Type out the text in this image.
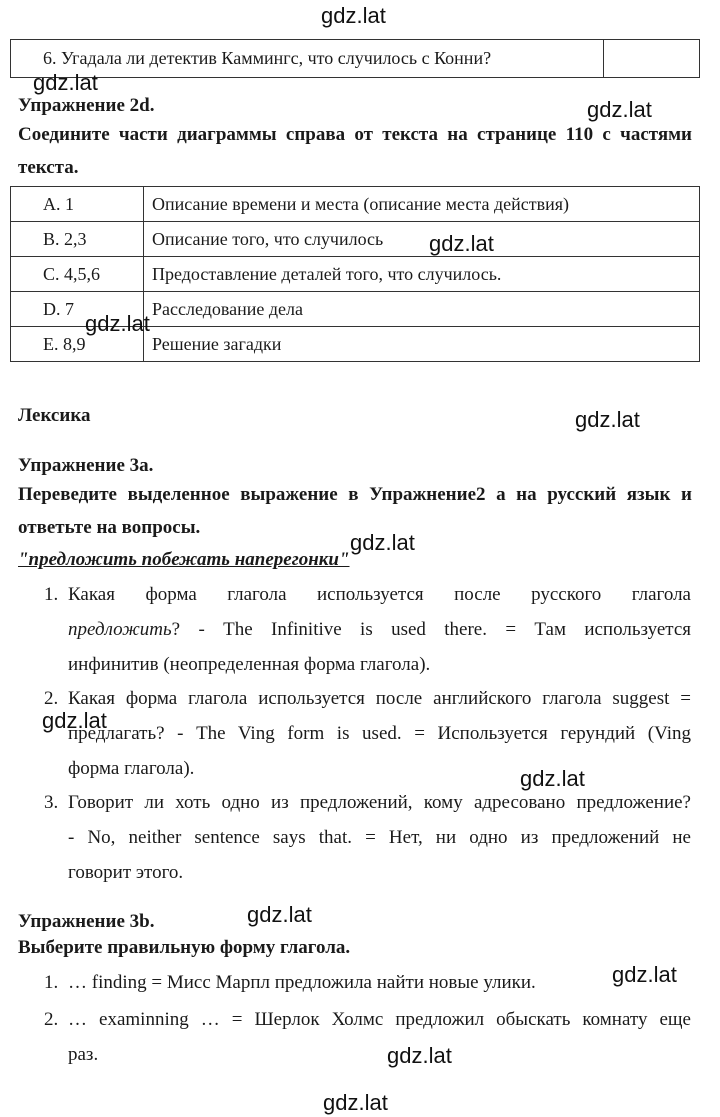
6. Угадала ли детектив Каммингс, что случилось с Конни?	
Упражнение 2d.
Соедините части диаграммы справа от текста на странице 110 с частями
текста.
A. 1	Описание времени и места (описание места действия)
B. 2,3	Описание того, что случилось
C. 4,5,6	Предоставление деталей того, что случилось.
D. 7	Расследование дела
E. 8,9	Решение загадки
Лексика
Упражнение 3a.
Переведите выделенное выражение в Упражнение2 а на русский язык и
ответьте на вопросы.
"предложить побежать наперегонки"
1. Какая форма глагола используется после русского глагола
предложить? - The Infinitive is used there. = Там используется
инфинитив (неопределенная форма глагола).
2. Какая форма глагола используется после английского глагола suggest =
предлагать? - The Ving form is used. = Используется герундий (Ving
форма глагола).
3. Говорит ли хоть одно из предложений, кому адресовано предложение?
- No, neither sentence says that. = Нет, ни одно из предложений не
говорит этого.
Упражнение 3b.
Выберите правильную форму глагола.
1. … finding = Мисс Марпл предложила найти новые улики.
2. … examinning … = Шерлок Холмс предложил обыскать комнату еще
раз.
gdz.lat
gdz.lat
gdz.lat
gdz.lat
gdz.lat
gdz.lat
gdz.lat
gdz.lat
gdz.lat
gdz.lat
gdz.lat
gdz.lat
gdz.lat
